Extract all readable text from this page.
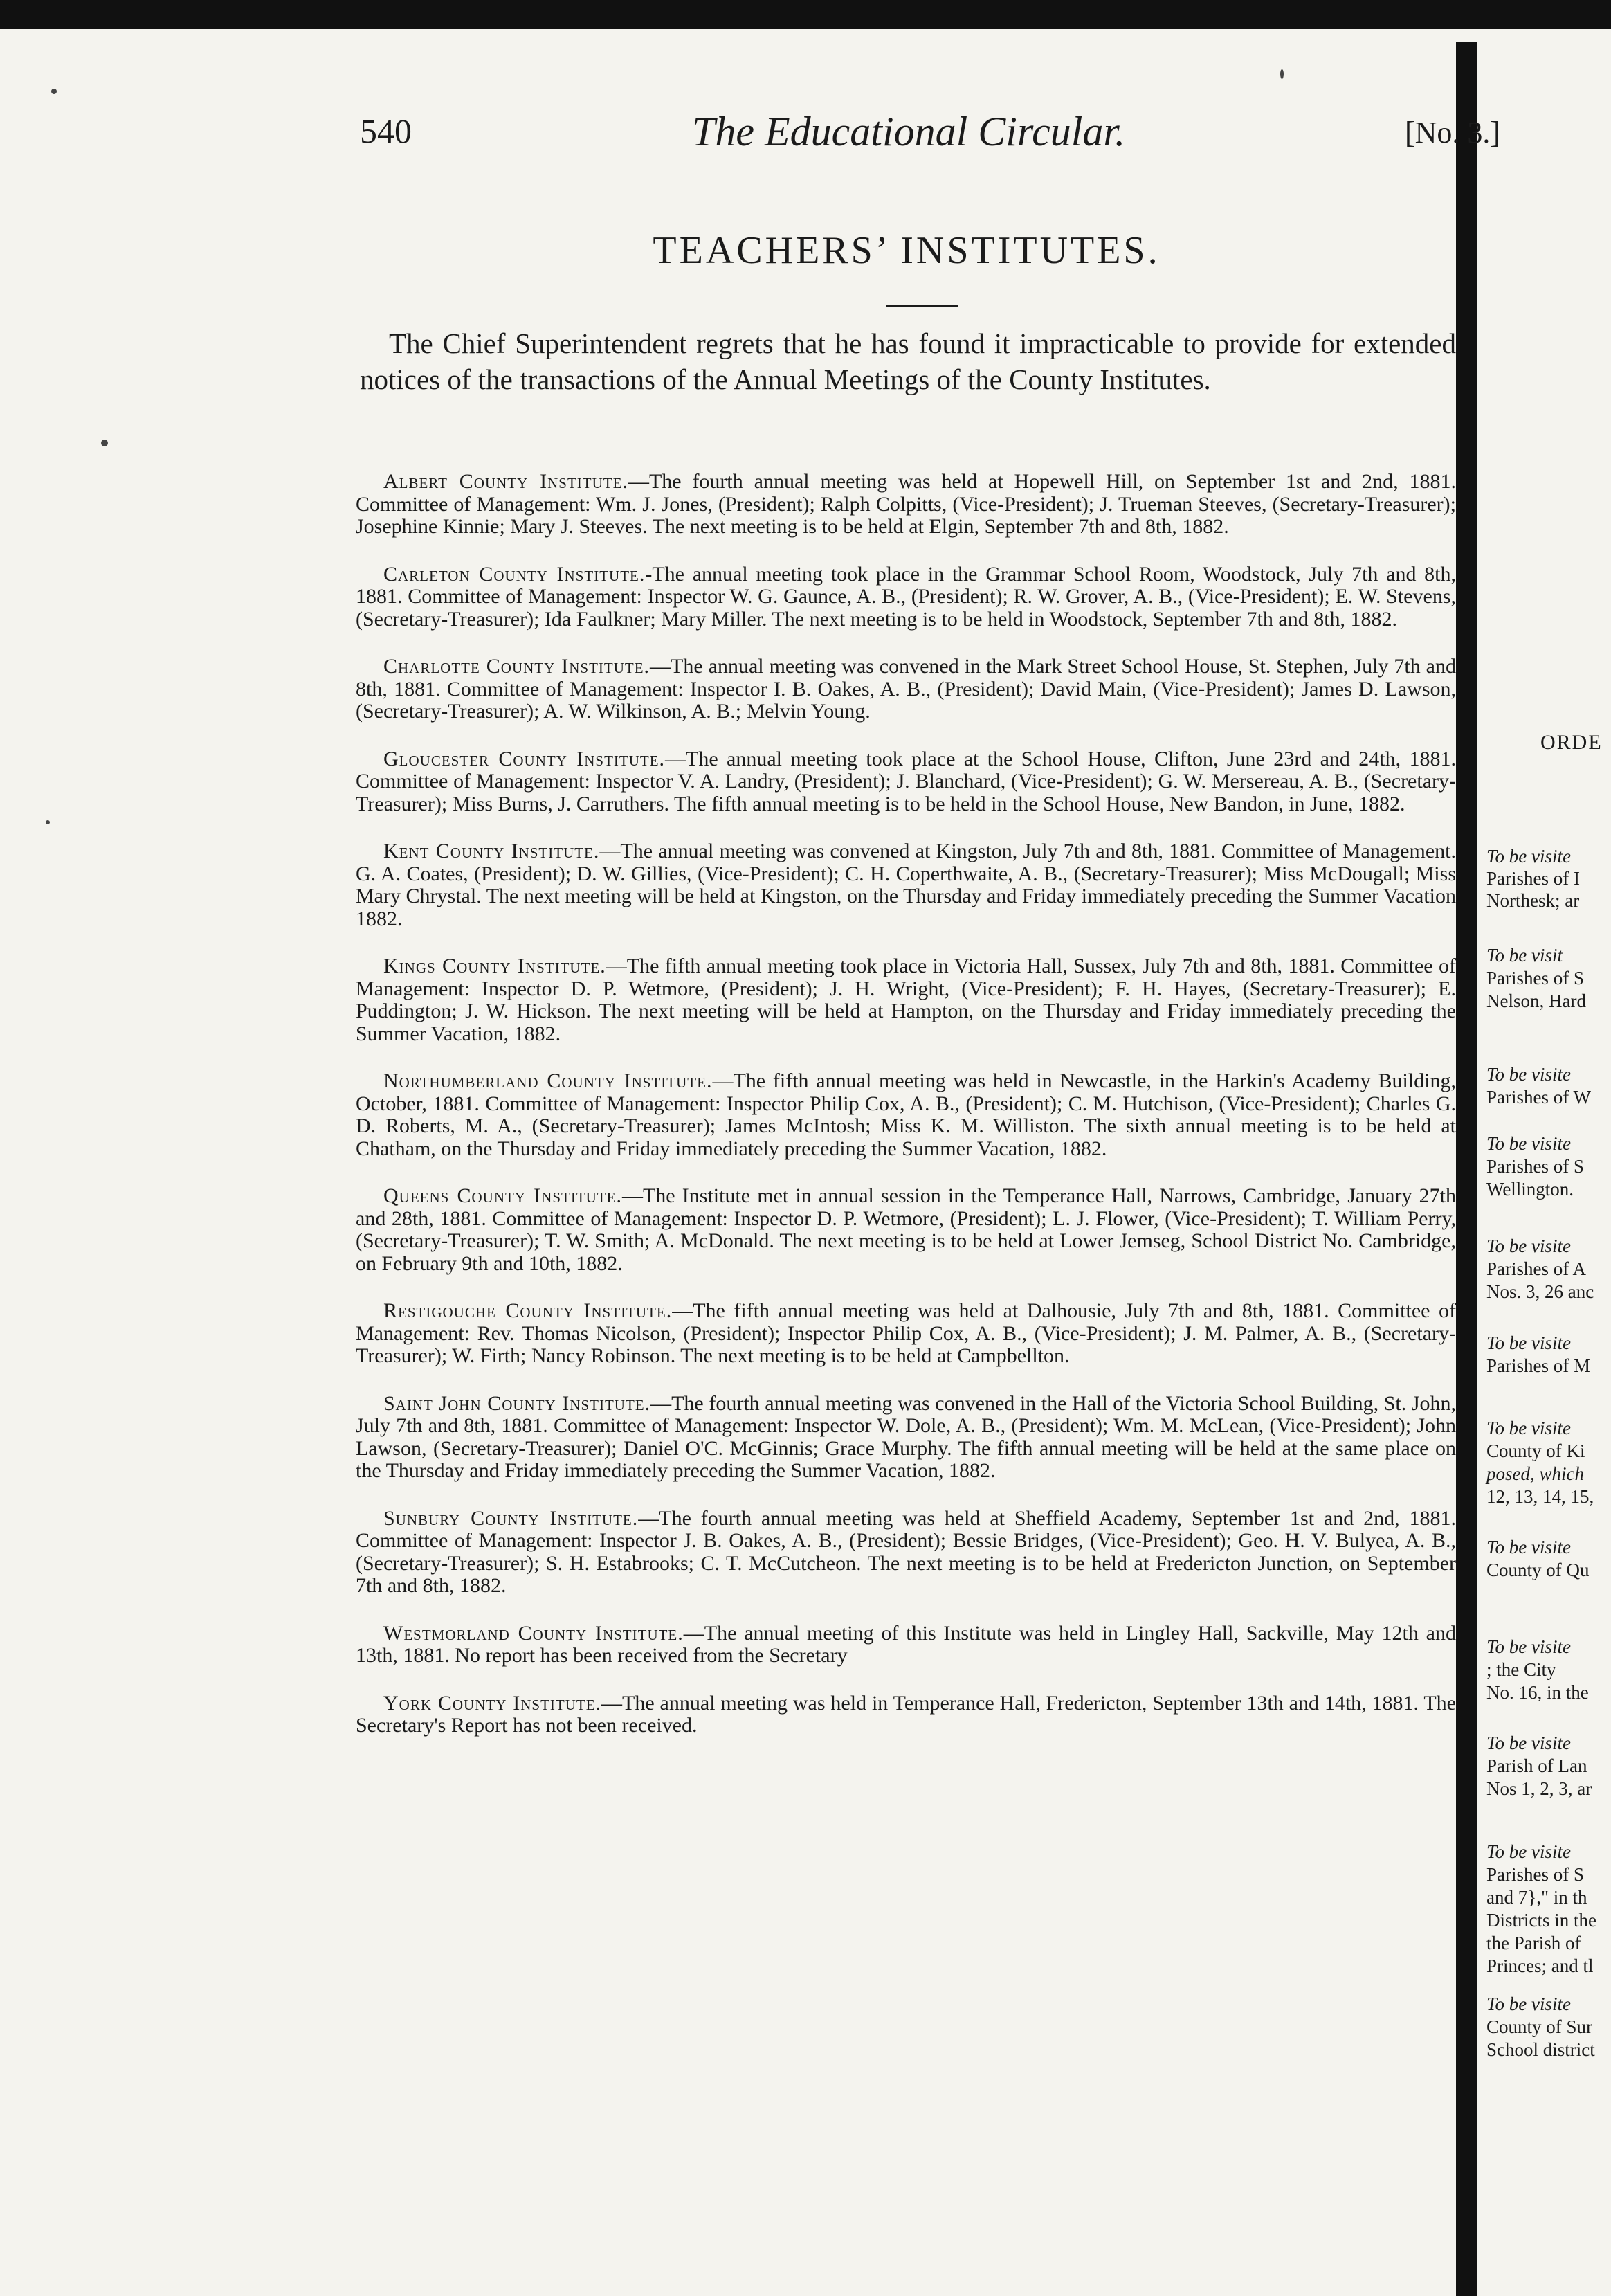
540	The Educational Circular.	[No. 3.]
TEACHERS’ INSTITUTES.

The Chief Superintendent regrets that he has found it impracticable to provide for extended notices of the transactions of the Annual Meetings of the County Institutes.

Albert County Institute.—The fourth annual meeting was held at Hopewell Hill, on September 1st and 2nd, 1881. Committee of Management: Wm. J. Jones, (President); Ralph Colpitts, (Vice-President); J. Trueman Steeves, (Secretary-Treasurer); Josephine Kinnie; Mary J. Steeves. The next meeting is to be held at Elgin, September 7th and 8th, 1882.

Carleton County Institute.-The annual meeting took place in the Grammar School Room, Woodstock, July 7th and 8th, 1881. Committee of Management: Inspector W. G. Gaunce, A. B., (President); R. W. Grover, A. B., (Vice-President); E. W. Stevens, (Secretary-Treasurer); Ida Faulkner; Mary Miller. The next meeting is to be held in Woodstock, September 7th and 8th, 1882.

Charlotte County Institute.—The annual meeting was convened in the Mark Street School House, St. Stephen, July 7th and 8th, 1881. Committee of Management: Inspector I. B. Oakes, A. B., (President); David Main, (Vice-President); James D. Lawson, (Secretary-Treasurer); A. W. Wilkinson, A. B.; Melvin Young.

Gloucester County Institute.—The annual meeting took place at the School House, Clifton, June 23rd and 24th, 1881. Committee of Management: Inspector V. A. Landry, (President); J. Blanchard, (Vice-President); G. W. Mersereau, A. B., (Secretary-Treasurer); Miss Burns, J. Carruthers. The fifth annual meeting is to be held in the School House, New Bandon, in June, 1882.

Kent County Institute.—The annual meeting was convened at Kingston, July 7th and 8th, 1881. Committee of Management. G. A. Coates, (President); D. W. Gillies, (Vice-President); C. H. Coperthwaite, A. B., (Secretary-Treasurer); Miss McDougall; Miss Mary Chrystal. The next meeting will be held at Kingston, on the Thursday and Friday immediately preceding the Summer Vacation 1882.

Kings County Institute.—The fifth annual meeting took place in Victoria Hall, Sussex, July 7th and 8th, 1881. Committee of Management: Inspector D. P. Wetmore, (President); J. H. Wright, (Vice-President); F. H. Hayes, (Secretary-Treasurer); E. Puddington; J. W. Hickson. The next meeting will be held at Hampton, on the Thursday and Friday immediately preceding the Summer Vacation, 1882.

Northumberland County Institute.—The fifth annual meeting was held in Newcastle, in the Harkin's Academy Building, October, 1881. Committee of Management: Inspector Philip Cox, A. B., (President); C. M. Hutchison, (Vice-President); Charles G. D. Roberts, M. A., (Secretary-Treasurer); James McIntosh; Miss K. M. Williston. The sixth annual meeting is to be held at Chatham, on the Thursday and Friday immediately preceding the Summer Vacation, 1882.

Queens County Institute.—The Institute met in annual session in the Temperance Hall, Narrows, Cambridge, January 27th and 28th, 1881. Committee of Management: Inspector D. P. Wetmore, (President); L. J. Flower, (Vice-President); T. William Perry, (Secretary-Treasurer); T. W. Smith; A. McDonald. The next meeting is to be held at Lower Jemseg, School District No. Cambridge, on February 9th and 10th, 1882.

Restigouche County Institute.—The fifth annual meeting was held at Dalhousie, July 7th and 8th, 1881. Committee of Management: Rev. Thomas Nicolson, (President); Inspector Philip Cox, A. B., (Vice-President); J. M. Palmer, A. B., (Secretary-Treasurer); W. Firth; Nancy Robinson. The next meeting is to be held at Campbellton.

Saint John County Institute.—The fourth annual meeting was convened in the Hall of the Victoria School Building, St. John, July 7th and 8th, 1881. Committee of Management: Inspector W. Dole, A. B., (President); Wm. M. McLean, (Vice-President); John Lawson, (Secretary-Treasurer); Daniel O'C. McGinnis; Grace Murphy. The fifth annual meeting will be held at the same place on the Thursday and Friday immediately preceding the Summer Vacation, 1882.

Sunbury County Institute.—The fourth annual meeting was held at Sheffield Academy, September 1st and 2nd, 1881. Committee of Management: Inspector J. B. Oakes, A. B., (President); Bessie Bridges, (Vice-President); Geo. H. V. Bulyea, A. B., (Secretary-Treasurer); S. H. Estabrooks; C. T. McCutcheon. The next meeting is to be held at Fredericton Junction, on September 7th and 8th, 1882.

Westmorland County Institute.—The annual meeting of this Institute was held in Lingley Hall, Sackville, May 12th and 13th, 1881. No report has been received from the Secretary

York County Institute.—The annual meeting was held in Temperance Hall, Fredericton, September 13th and 14th, 1881. The Secretary's Report has not been received.

ORDE
To be visite
Parishes of I
Northesk; ar
To be visit
Parishes of S
Nelson, Hard
To be visite
Parishes of W
To be visite
Parishes of S
Wellington.
To be visite
Parishes of A
Nos. 3, 26 anc
To be visite
Parishes of M
To be visite
County of Ki
posed, which
12, 13, 14, 15,
To be visite
County of Qu
To be visite
; the City
No. 16, in the
To be visite
Parish of Lan
Nos 1, 2, 3, ar
To be visite
Parishes of S
and 7}," in th
Districts in the
the Parish of
Princes; and tl
To be visite
County of Sur
School district
